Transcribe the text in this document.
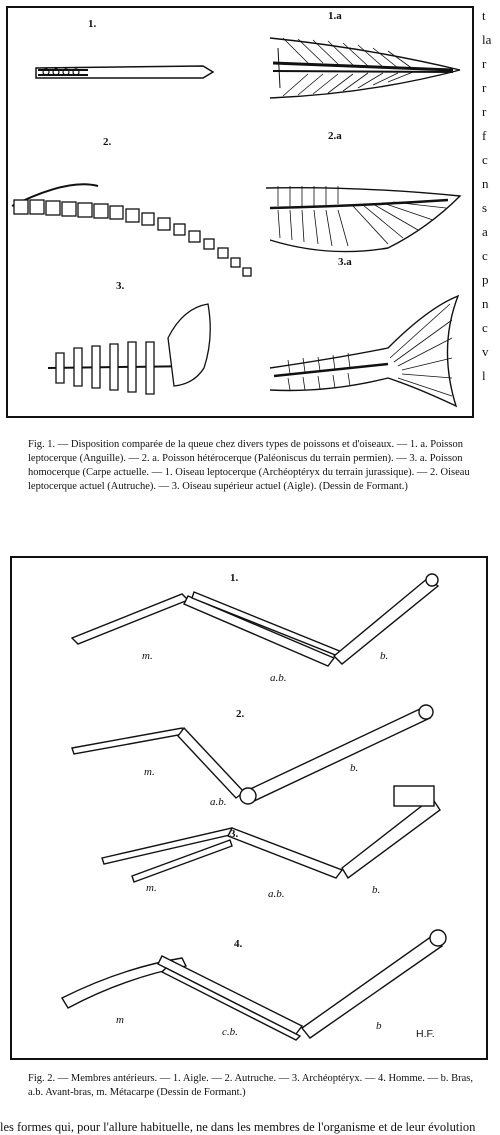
t
la
r
r
r
f
c
n
s
a
c
p
n
c
v
l
1.
1.a
2.	2.a
3.
3.a
Fig. 1. — Disposition comparée de la queue chez divers types de poissons et d'oiseaux. — 1. a. Poisson leptocerque (Anguille). — 2. a. Poisson hétérocerque (Paléoniscus du terrain permien). — 3. a. Poisson homocerque (Carpe actuelle. — 1. Oiseau leptocerque (Archéoptéryx du terrain jurassique). — 2. Oiseau leptocerque actuel (Autruche). — 3. Oiseau supérieur actuel (Aigle). (Dessin de Formant.)
1.
2.
3.
4.
m.
a.b.
b.
m.
a.b.
b.
m.	a.b.	b.
m
c.b.	b
H.F.
Fig. 2. — Membres antérieurs. — 1. Aigle. — 2. Autruche. — 3. Archéoptéryx. — 4. Homme. — b. Bras, a.b. Avant-bras, m. Métacarpe (Dessin de Formant.)
les formes qui, pour l'allure habituelle, ne dans les membres de l'organisme et de leur évolution
